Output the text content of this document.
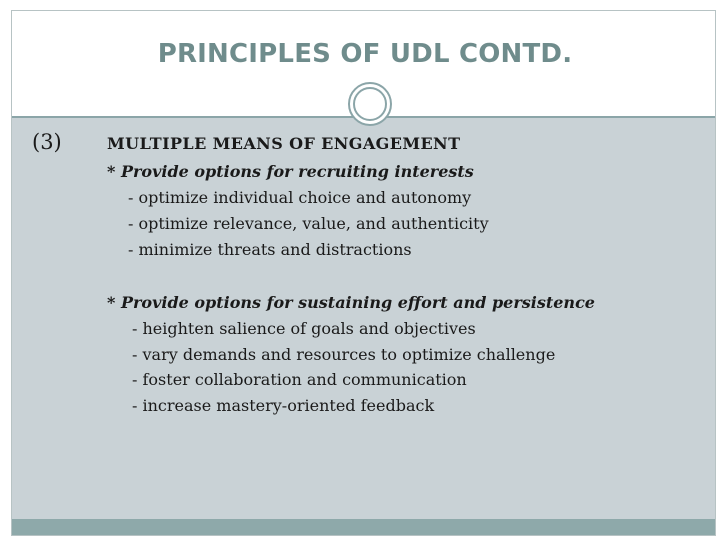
PRINCIPLES OF UDL CONTD.
(3)	MULTIPLE MEANS OF ENGAGEMENT
* Provide options for recruiting interests
- optimize individual choice and autonomy
- optimize relevance, value, and authenticity
- minimize threats and distractions
* Provide options for sustaining effort and persistence
- heighten salience of goals and objectives
- vary demands and resources to optimize challenge
- foster collaboration and communication
- increase mastery-oriented feedback
